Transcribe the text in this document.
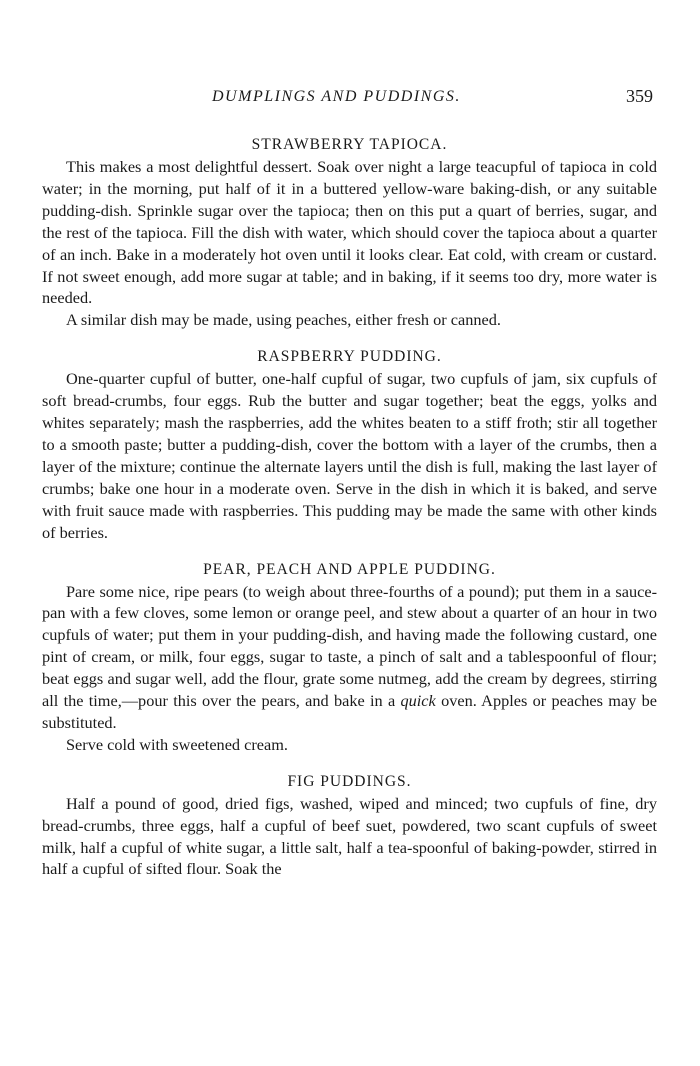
DUMPLINGS AND PUDDINGS.	359
STRAWBERRY TAPIOCA.

This makes a most delightful dessert. Soak over night a large teacupful of tapioca in cold water; in the morning, put half of it in a buttered yellow-ware baking-dish, or any suitable pudding-dish. Sprinkle sugar over the tapioca; then on this put a quart of berries, sugar, and the rest of the tapioca. Fill the dish with water, which should cover the tapioca about a quarter of an inch. Bake in a moderately hot oven until it looks clear. Eat cold, with cream or custard. If not sweet enough, add more sugar at table; and in baking, if it seems too dry, more water is needed.

A similar dish may be made, using peaches, either fresh or canned.

RASPBERRY PUDDING.

One-quarter cupful of butter, one-half cupful of sugar, two cupfuls of jam, six cupfuls of soft bread-crumbs, four eggs. Rub the butter and sugar together; beat the eggs, yolks and whites separately; mash the raspberries, add the whites beaten to a stiff froth; stir all together to a smooth paste; butter a pudding-dish, cover the bottom with a layer of the crumbs, then a layer of the mixture; continue the alternate layers until the dish is full, making the last layer of crumbs; bake one hour in a moderate oven. Serve in the dish in which it is baked, and serve with fruit sauce made with raspberries. This pudding may be made the same with other kinds of berries.

PEAR, PEACH AND APPLE PUDDING.

Pare some nice, ripe pears (to weigh about three-fourths of a pound); put them in a sauce-pan with a few cloves, some lemon or orange peel, and stew about a quarter of an hour in two cupfuls of water; put them in your pudding-dish, and having made the following custard, one pint of cream, or milk, four eggs, sugar to taste, a pinch of salt and a tablespoonful of flour; beat eggs and sugar well, add the flour, grate some nutmeg, add the cream by degrees, stirring all the time,—pour this over the pears, and bake in a quick oven. Apples or peaches may be substituted.

Serve cold with sweetened cream.

FIG PUDDINGS.

Half a pound of good, dried figs, washed, wiped and minced; two cupfuls of fine, dry bread-crumbs, three eggs, half a cupful of beef suet, powdered, two scant cupfuls of sweet milk, half a cupful of white sugar, a little salt, half a tea-spoonful of baking-powder, stirred in half a cupful of sifted flour. Soak the
